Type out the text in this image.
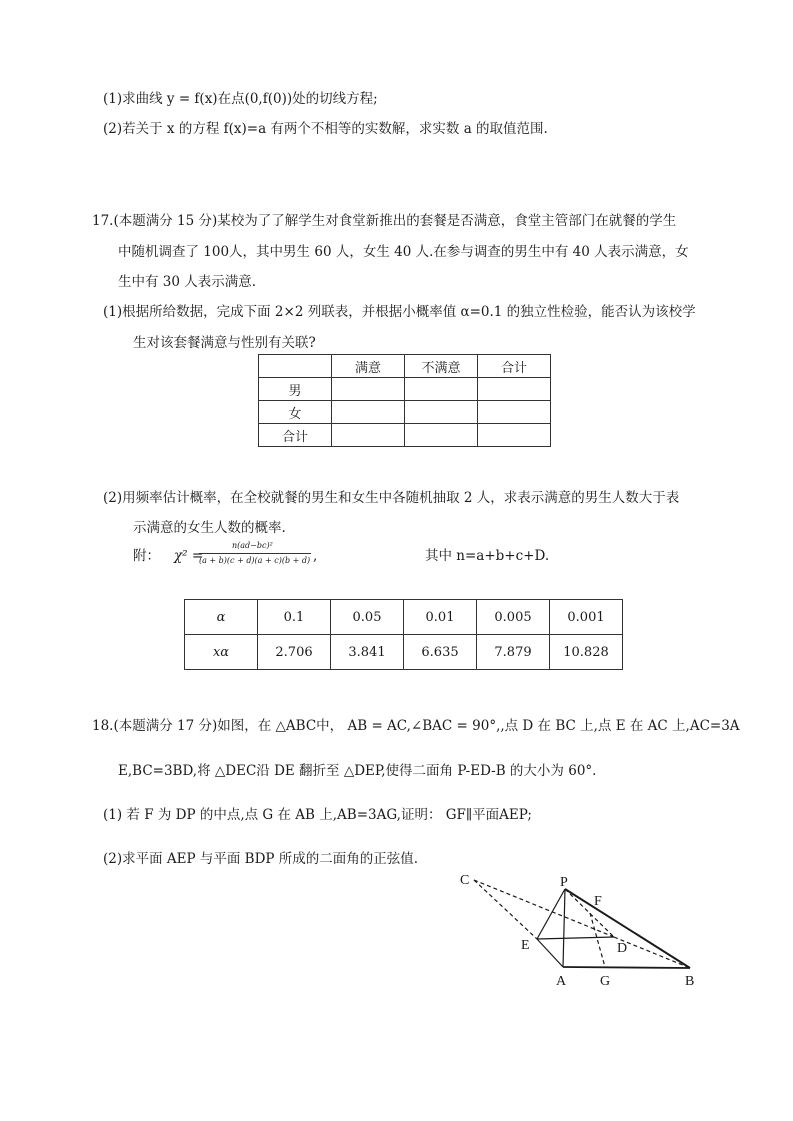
(1)求曲线 y = f(x)在点(0,f(0))处的切线方程;
(2)若关于 x 的方程 f(x)=a 有两个不相等的实数解，求实数 a 的取值范围.
17.(本题满分 15 分)某校为了了解学生对食堂新推出的套餐是否满意，食堂主管部门在就餐的学生
中随机调查了 100人，其中男生 60 人，女生 40 人.在参与调查的男生中有 40 人表示满意，女
生中有 30 人表示满意.
(1)根据所给数据，完成下面 2×2 列联表，并根据小概率值 α=0.1 的独立性检验，能否认为该校学
生对该套餐满意与性别有关联?
	满意	不满意	合计
男			
女			
合计			
(2)用频率估计概率，在全校就餐的男生和女生中各随机抽取 2 人，求表示满意的男生人数大于表
示满意的女生人数的概率.
附： χ² =
n(ad−bc)²
(a + b)(c + d)(a + c)(b + d) ,	其中 n=a+b+c+D.
α	0.1	0.05	0.01	0.005	0.001
xα	2.706	3.841	6.635	7.879	10.828
18.(本题满分 17 分)如图，在 △ABC中， AB = AC,∠BAC = 90°,,点 D 在 BC 上,点 E 在 AC 上,AC=3A
E,BC=3BD,将 △DEC沿 DE 翻折至 △DEP,使得二面角 P-ED-B 的大小为 60°.
(1) 若 F 为 DP 的中点,点 G 在 AB 上,AB=3AG,证明： GF∥平面AEP;
(2)求平面 AEP 与平面 BDP 所成的二面角的正弦值.
C	P
F
E	D
A G	B
